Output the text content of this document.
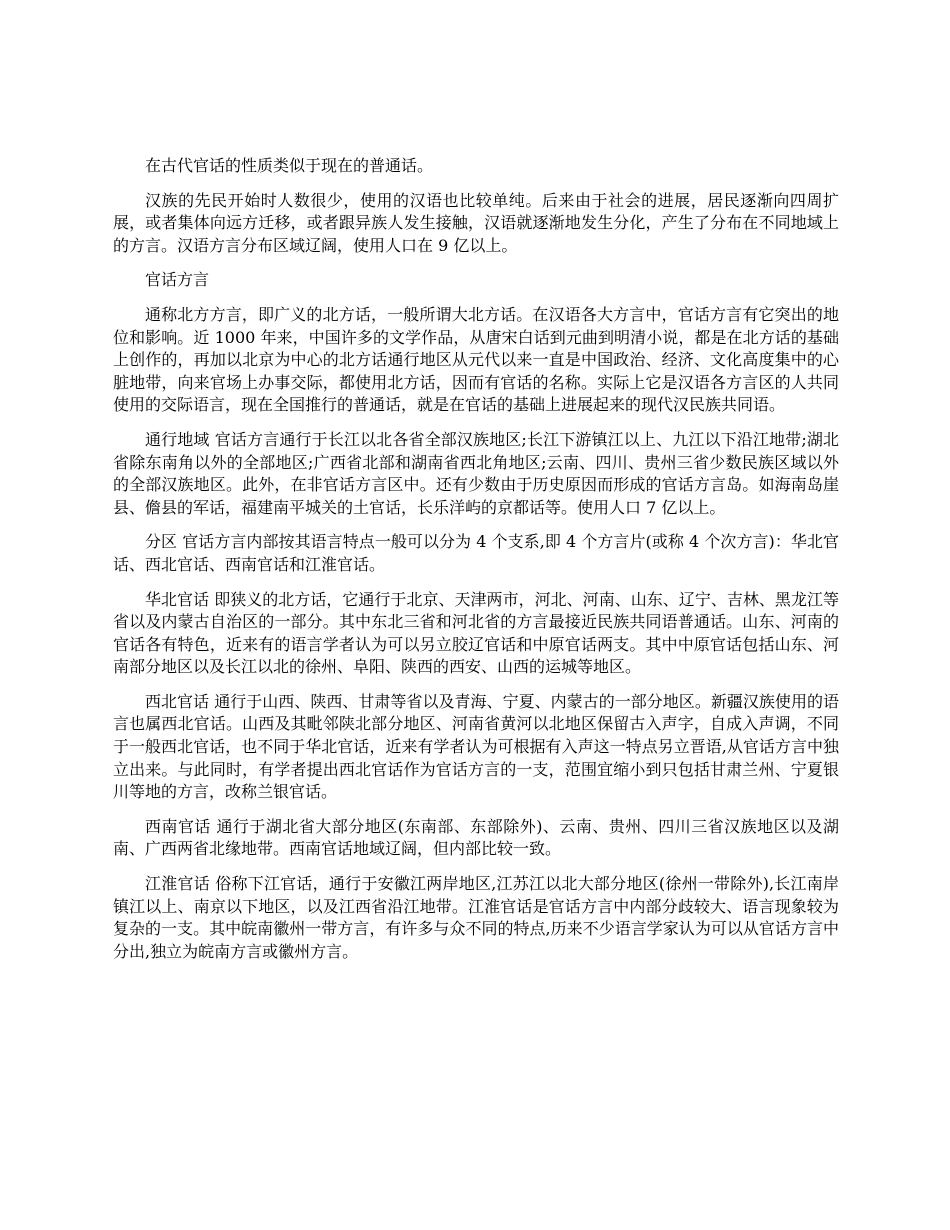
在古代官话的性质类似于现在的普通话。

汉族的先民开始时人数很少，使用的汉语也比较单纯。后来由于社会的进展，居民逐渐向四周扩展，或者集体向远方迁移，或者跟异族人发生接触，汉语就逐渐地发生分化，产生了分布在不同地域上的方言。汉语方言分布区域辽阔，使用人口在 9 亿以上。

官话方言

通称北方方言，即广义的北方话，一般所谓大北方话。在汉语各大方言中，官话方言有它突出的地位和影响。近 1000 年来，中国许多的文学作品，从唐宋白话到元曲到明清小说，都是在北方话的基础上创作的，再加以北京为中心的北方话通行地区从元代以来一直是中国政治、经济、文化高度集中的心脏地带，向来官场上办事交际，都使用北方话，因而有官话的名称。实际上它是汉语各方言区的人共同使用的交际语言，现在全国推行的普通话，就是在官话的基础上进展起来的现代汉民族共同语。

通行地域 官话方言通行于长江以北各省全部汉族地区;长江下游镇江以上、九江以下沿江地带;湖北省除东南角以外的全部地区;广西省北部和湖南省西北角地区;云南、四川、贵州三省少数民族区域以外的全部汉族地区。此外，在非官话方言区中。还有少数由于历史原因而形成的官话方言岛。如海南岛崖县、儋县的军话，福建南平城关的土官话，长乐洋屿的京都话等。使用人口 7 亿以上。

分区 官话方言内部按其语言特点一般可以分为 4 个支系,即 4 个方言片(或称 4 个次方言)：华北官话、西北官话、西南官话和江淮官话。

华北官话 即狭义的北方话，它通行于北京、天津两市，河北、河南、山东、辽宁、吉林、黑龙江等省以及内蒙古自治区的一部分。其中东北三省和河北省的方言最接近民族共同语普通话。山东、河南的官话各有特色，近来有的语言学者认为可以另立胶辽官话和中原官话两支。其中中原官话包括山东、河南部分地区以及长江以北的徐州、阜阳、陕西的西安、山西的运城等地区。

西北官话 通行于山西、陕西、甘肃等省以及青海、宁夏、内蒙古的一部分地区。新疆汉族使用的语言也属西北官话。山西及其毗邻陕北部分地区、河南省黄河以北地区保留古入声字，自成入声调，不同于一般西北官话，也不同于华北官话，近来有学者认为可根据有入声这一特点另立晋语,从官话方言中独立出来。与此同时，有学者提出西北官话作为官话方言的一支，范围宜缩小到只包括甘肃兰州、宁夏银川等地的方言，改称兰银官话。

西南官话 通行于湖北省大部分地区(东南部、东部除外)、云南、贵州、四川三省汉族地区以及湖南、广西两省北缘地带。西南官话地域辽阔，但内部比较一致。

江淮官话 俗称下江官话，通行于安徽江两岸地区,江苏江以北大部分地区(徐州一带除外),长江南岸镇江以上、南京以下地区，以及江西省沿江地带。江淮官话是官话方言中内部分歧较大、语言现象较为复杂的一支。其中皖南徽州一带方言，有许多与众不同的特点,历来不少语言学家认为可以从官话方言中分出,独立为皖南方言或徽州方言。
